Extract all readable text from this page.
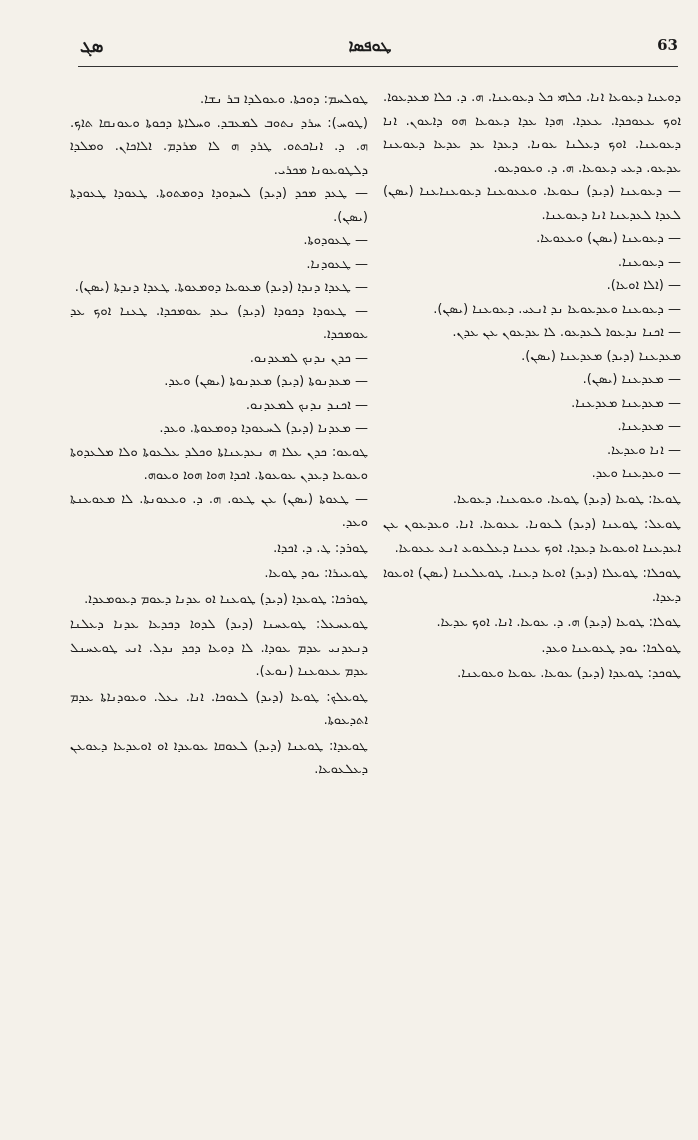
ܣܓ	ܛܘܦܣܐ	63

ܛܘܠܚܡ: ܕܘܟܬܐ. ܘܥܘܠܕܐ ܒܪ ܢܫܐ.

(ܛܘܚ): ܚܪܕ ܢܬܘܒ ܠܡܥܒܕ. ܘܚܠܐܬܐ ܕܟܘܬܐ ܘܥܘܢܩܐ ܬܐܟ. ܗ. ܕ. ܐܢܐܟܬܘ. ܛܪܕ ܗ ܠܐ ܡܪܕܡ. ܐܠܐܟܐܢ. ܘܡܠܕܐ ܕܠܛܘܥܘܢܐ ܡܟܪܝ.

— ܛܥܕ ܡܟܕ (ܕܝܕ) ܠܚܕܘܕܐ ܕܘܡܬܘܬܐ. ܛܥܘܕܐ ܛܥܘܕܬܐ (ܝܣܢ).

— ܛܥܘܕܘܬܐ.

— ܛܥܘܕܢܐ.

— ܛܥܕܐ ܕܢܕܐ (ܕܝܕ) ܡܥܘܥܐ ܕܘܡܥܘܬܐ. ܛܥܕܐ ܕܢܕܬܐ (ܝܣܢ).

— ܛܥܘܕܐ ܕܟܘܕܐ (ܕܝܕ) ܝܥܕ ܥܘܡܟܕܐ. ܛܥܢܐ ܐܘܟ ܥܕ ܥܘܡܟܕܐ.

— ܟܕܢ ܢܕܢܟ ܠܡܥܕܢܘ.

— ܡܥܕܢܘܬܐ (ܕܝܕ) ܡܥܕܢܘܬܐ (ܝܣܢ) ܘܥܕ.

— ܐܟܢܕ ܢܕܢܟ ܠܡܥܕܢܘ.

— ܡܥܕܢܐ (ܕܝܕ) ܠܚܥܘܕܐ ܕܘܡܥܘܬܐ. ܘܥܕ.

ܛܘܥܘ: ܟܕܢ ܥܠܐ ܗ ܢܥܕܥܢܐܬܐ ܘܟܠܕ ܥܠܥܘܬܐ ܘܠܐ ܡܠܥܕܘܬܐ ܘܥܘܥܐ ܕܥܕܢ ܥܘܥܘܬܐ. ܐܟܕܐ ܗܘܐ ܗܘܐ ܘܥܘܗ.

— ܛܥܘܬܐ (ܝܣܢ) ܥܢ ܛܥܘ. ܗ. ܕ. ܘܥܥܘܢܬܐ. ܠܐ ܡܥܘܥܢܬܐ ܘܥܕ.

ܛܘܪܕ: ܛ. ܕ. ܐܟܕܐ.

ܛܘܥܝܪܐ: ܝܘܕ ܛܘܥܐ.

ܛܘܪܟܐ: ܛܘܥܕܐ (ܕܝܕ) ܛܘܥܢܐ ܐܘ ܥܕܢܐ ܕܥܘܡ ܕܥܘܡܥܕܐ.

ܛܘܥܚܥܠ: ܛܘܥܚܢܐ (ܕܝܕ) ܠܕܘܐ ܕܟܕܥܐ ܥܕܢܐ ܕܥܠܢܐ ܕܢܥܕܢܝ ܥܕܡ ܥܘܕܐ. ܠܐ ܕܘܥܐ ܕܟܕ ܢܕܠ. ܐܢܝ ܛܘܥܚܢܠ ܥܕܡ ܥܥܘܥܢܐ (ܢܘܥ).

ܛܘܥܠܟ: ܛܘܥܐ (ܕܝܕ) ܠܥܘܟܐ. ܐܢܐ. ܝܥܠ. ܘܥܘܕܢܐܬܐ ܥܕܡ ܐܬܕܥܘܬܐ.

ܛܘܥܕܐ: ܛܘܥܢܐ (ܕܝܕ) ܠܥܘܩܐ ܥܘܥܕܐ ܐܘ ܐܘܥܕܥܐ ܕܥܘܥܢ ܕܥܠܥܘܥܐ.

ܕܘܥܢܐ ܕܥܘܥܐ ܐܢܐ. ܟܠܗܝ ܟܠ ܕܥܘܥܢܐ. ܗ. ܕ. ܟܠܐ ܡܥܕܥܘܐ. ܐܘܟ ܥܥܘܟܕܐ. ܥܥܕܐ. ܗܕܐ ܥܕܐ ܕܥܘܥܐ ܗܘ ܕܐܥܘܢ. ܐܢܐ ܕܥܘܥܢܐ. ܐܘܟ ܕܥܠܢܐ ܥܘܢܐ. ܕܥܕܐ ܥܕ ܥܕܥܐ ܕܥܘܥܢܐ ܥܕܥܘ. ܕܥܝ ܕܥܘܥܐ. ܗ. ܕ. ܘܥܘܕܥܘ.

— ܕܥܘܥܢܐ (ܕܝܕ) ܢܥܘܥܐ. ܘܥܥܘܥܢܐ ܕܥܘܥܢܐܥܢܐ (ܝܣܢ) ܠܥܕܐ ܠܥܕܥܢܐ ܐܢܐ ܕܥܘܥܢܐ.

— ܕܥܘܥܢܐ (ܝܣܢ) ܘܥܥܘܥܐ.

— ܕܥܘܥܢܐ.

— (ܐܠܐ ܐܘܥܐ).

— ܕܥܘܥܢܐ ܘܥܕܥܘܥܐ ܢܕ ܐܢܥܝ. ܕܥܘܥܢܐ (ܝܣܢ).

— ܐܟܢܐ ܢܕܥܘܐ ܠܥܕܥܘ. ܠܐ ܥܕܥܘܢ ܥܢ ܥܕܢ.

ܡܥܕܥܢܐ (ܕܝܕ) ܡܥܕܥܢܐ (ܝܣܢ).

— ܡܥܕܥܢܐ (ܝܣܢ).

— ܡܥܕܥܢܐ ܡܥܕܥܢܐ.

— ܡܥܕܥܢܐ.

— ܐܢܐ ܘܥܕܥܐ.

— ܘܥܕܥܢܐ ܘܥܕ.

ܛܘܥܐ: ܛܘܥܐ (ܕܝܕ) ܛܘܥܐ. ܘܥܘܥܢܐ. ܕܥܘܥܐ.

ܛܘܥܠ: ܛܘܥܢܐ (ܕܝܕ) ܠܥܘܢܐ. ܥܥܘܥܐ. ܐܢܐ. ܘܥܕܥܘܢ ܥܢ ܐܥܕܥܢܐ ܐܘܥܘܥܐ ܕܥܕܐ. ܐܘܟ ܥܥܢܐ ܕܥܠܥܘܥ ܐܢܥ ܥܥܘܥܐ.

ܛܘܟܠܐ: ܛܘܥܠܐ (ܕܝܕ) ܐܘܥܐ ܕܥܢܐ. ܛܘܥܠܥܢܐ (ܝܣܢ) ܐܘܥܘܐ ܕܥܕܐ.

ܛܘܠܐ: ܛܘܥܐ (ܕܝܕ) ܗ. ܕ. ܥܘܥܐ. ܐܢܐ. ܐܘܟ ܥܕܥܐ.

ܛܘܠܟܐ: ܝܘܕ ܛܥܘܥܢܐ ܘܥܕ.

ܛܘܟܕ: ܛܘܥܕܐ (ܕܝܕ) ܥܘܥܐ. ܥܘܥܐ ܘܥܘܥܢܐ.
